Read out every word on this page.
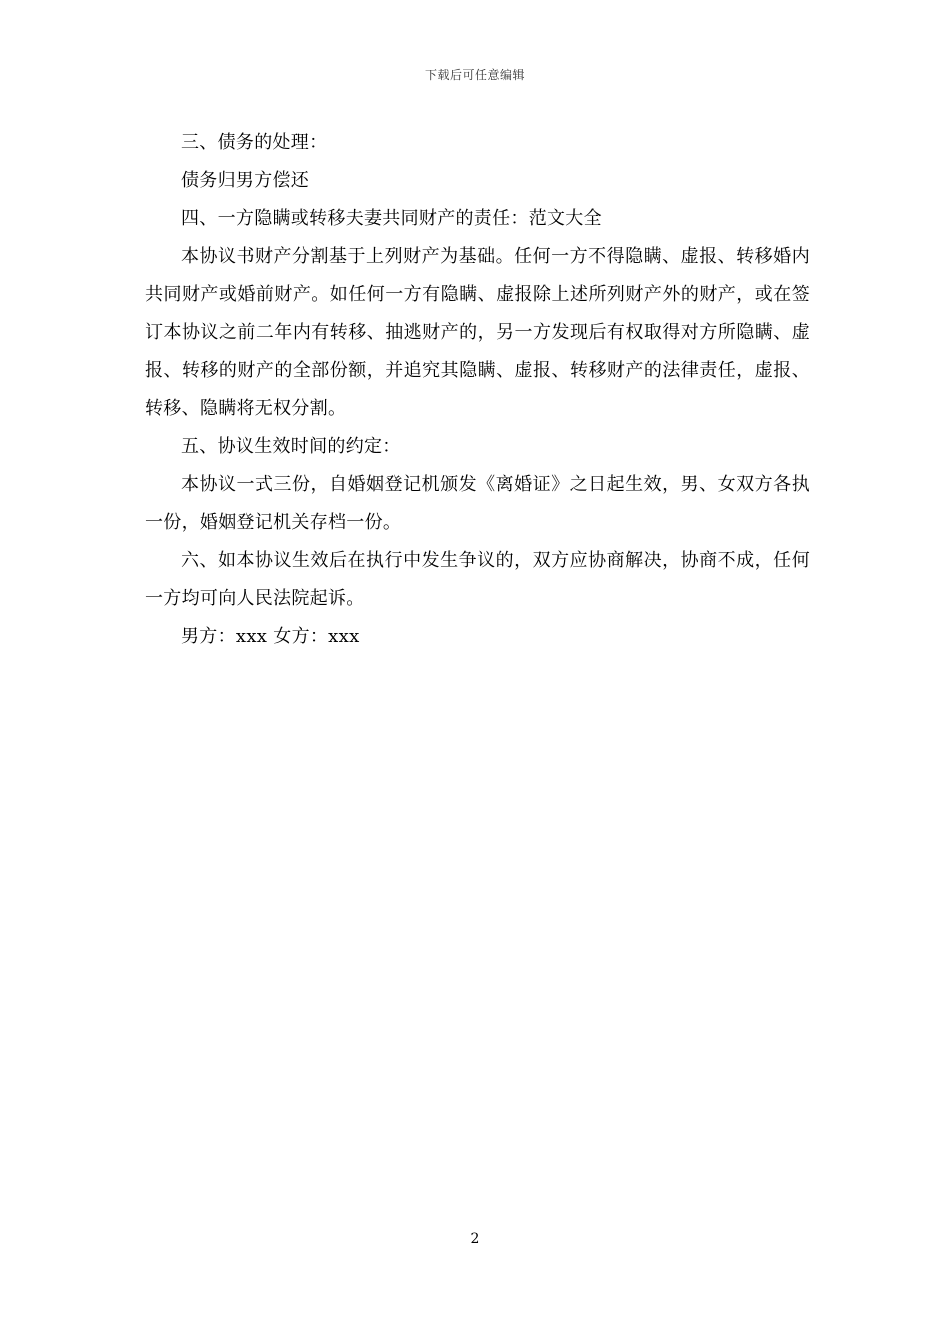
下载后可任意编辑

三、债务的处理：

债务归男方偿还

四、一方隐瞒或转移夫妻共同财产的责任：范文大全

本协议书财产分割基于上列财产为基础。任何一方不得隐瞒、虚报、转移婚内共同财产或婚前财产。如任何一方有隐瞒、虚报除上述所列财产外的财产，或在签订本协议之前二年内有转移、抽逃财产的，另一方发现后有权取得对方所隐瞒、虚报、转移的财产的全部份额，并追究其隐瞒、虚报、转移财产的法律责任，虚报、转移、隐瞒将无权分割。

五、协议生效时间的约定：

本协议一式三份，自婚姻登记机颁发《离婚证》之日起生效，男、女双方各执一份，婚姻登记机关存档一份。

六、如本协议生效后在执行中发生争议的，双方应协商解决，协商不成，任何一方均可向人民法院起诉。

男方：xxx 女方：xxx

2
